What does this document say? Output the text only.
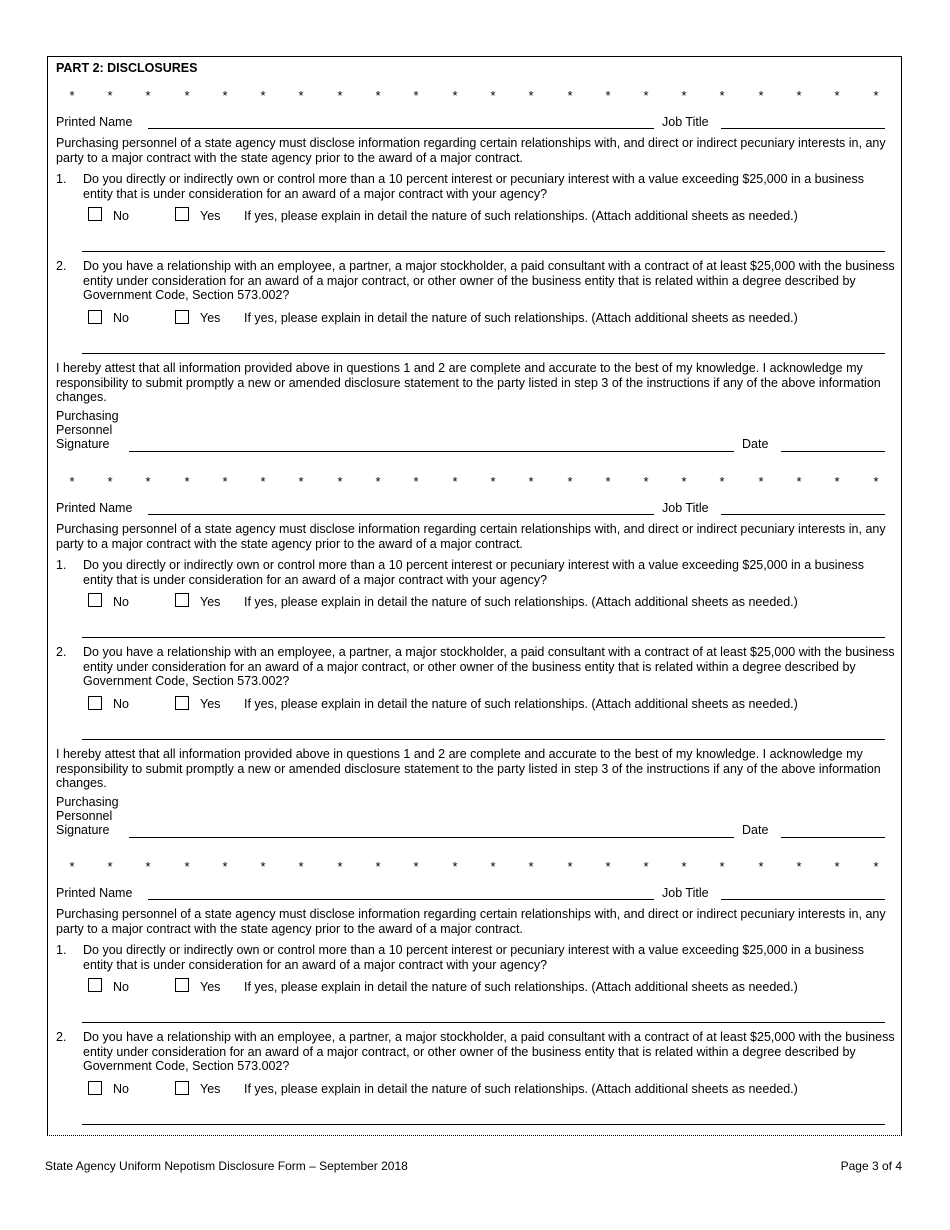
PART 2: DISCLOSURES
*	*	*	*	*	*	*	*	*	*	*	*	*	*	*	*	*	*	*	*	*	*
*	*	*	*	*	*	*	*	*	*	*	*	*	*	*	*	*	*	*	*	*	*
*	*	*	*	*	*	*	*	*	*	*	*	*	*	*	*	*	*	*	*	*	*
Printed Name	Job Title
Purchasing personnel of a state agency must disclose information regarding certain relationships with, and direct or indirect pecuniary interests in, any party to a major contract with the state agency prior to the award of a major contract.
1. Do you directly or indirectly own or control more than a 10 percent interest or pecuniary interest with a value exceeding $25,000 in a business entity that is under consideration for an award of a major contract with your agency?
No	Yes If yes, please explain in detail the nature of such relationships. (Attach additional sheets as needed.)
2. Do you have a relationship with an employee, a partner, a major stockholder, a paid consultant with a contract of at least $25,000 with the business entity under consideration for an award of a major contract, or other owner of the business entity that is related within a degree described by Government Code, Section 573.002?
No	Yes If yes, please explain in detail the nature of such relationships. (Attach additional sheets as needed.)
I hereby attest that all information provided above in questions 1 and 2 are complete and accurate to the best of my knowledge. I acknowledge my responsibility to submit promptly a new or amended disclosure statement to the party listed in step 3 of the instructions if any of the above information changes.
Purchasing
Personnel
Signature	Date
Printed Name	Job Title
Purchasing personnel of a state agency must disclose information regarding certain relationships with, and direct or indirect pecuniary interests in, any party to a major contract with the state agency prior to the award of a major contract.
1. Do you directly or indirectly own or control more than a 10 percent interest or pecuniary interest with a value exceeding $25,000 in a business entity that is under consideration for an award of a major contract with your agency?
No	Yes If yes, please explain in detail the nature of such relationships. (Attach additional sheets as needed.)
2. Do you have a relationship with an employee, a partner, a major stockholder, a paid consultant with a contract of at least $25,000 with the business entity under consideration for an award of a major contract, or other owner of the business entity that is related within a degree described by Government Code, Section 573.002?
No	Yes If yes, please explain in detail the nature of such relationships. (Attach additional sheets as needed.)
I hereby attest that all information provided above in questions 1 and 2 are complete and accurate to the best of my knowledge. I acknowledge my responsibility to submit promptly a new or amended disclosure statement to the party listed in step 3 of the instructions if any of the above information changes.
Purchasing
Personnel
Signature	Date
Printed Name	Job Title
Purchasing personnel of a state agency must disclose information regarding certain relationships with, and direct or indirect pecuniary interests in, any party to a major contract with the state agency prior to the award of a major contract.
1. Do you directly or indirectly own or control more than a 10 percent interest or pecuniary interest with a value exceeding $25,000 in a business entity that is under consideration for an award of a major contract with your agency?
No	Yes If yes, please explain in detail the nature of such relationships. (Attach additional sheets as needed.)
2. Do you have a relationship with an employee, a partner, a major stockholder, a paid consultant with a contract of at least $25,000 with the business entity under consideration for an award of a major contract, or other owner of the business entity that is related within a degree described by Government Code, Section 573.002?
No	Yes If yes, please explain in detail the nature of such relationships. (Attach additional sheets as needed.)
State Agency Uniform Nepotism Disclosure Form – September 2018	Page 3 of 4
